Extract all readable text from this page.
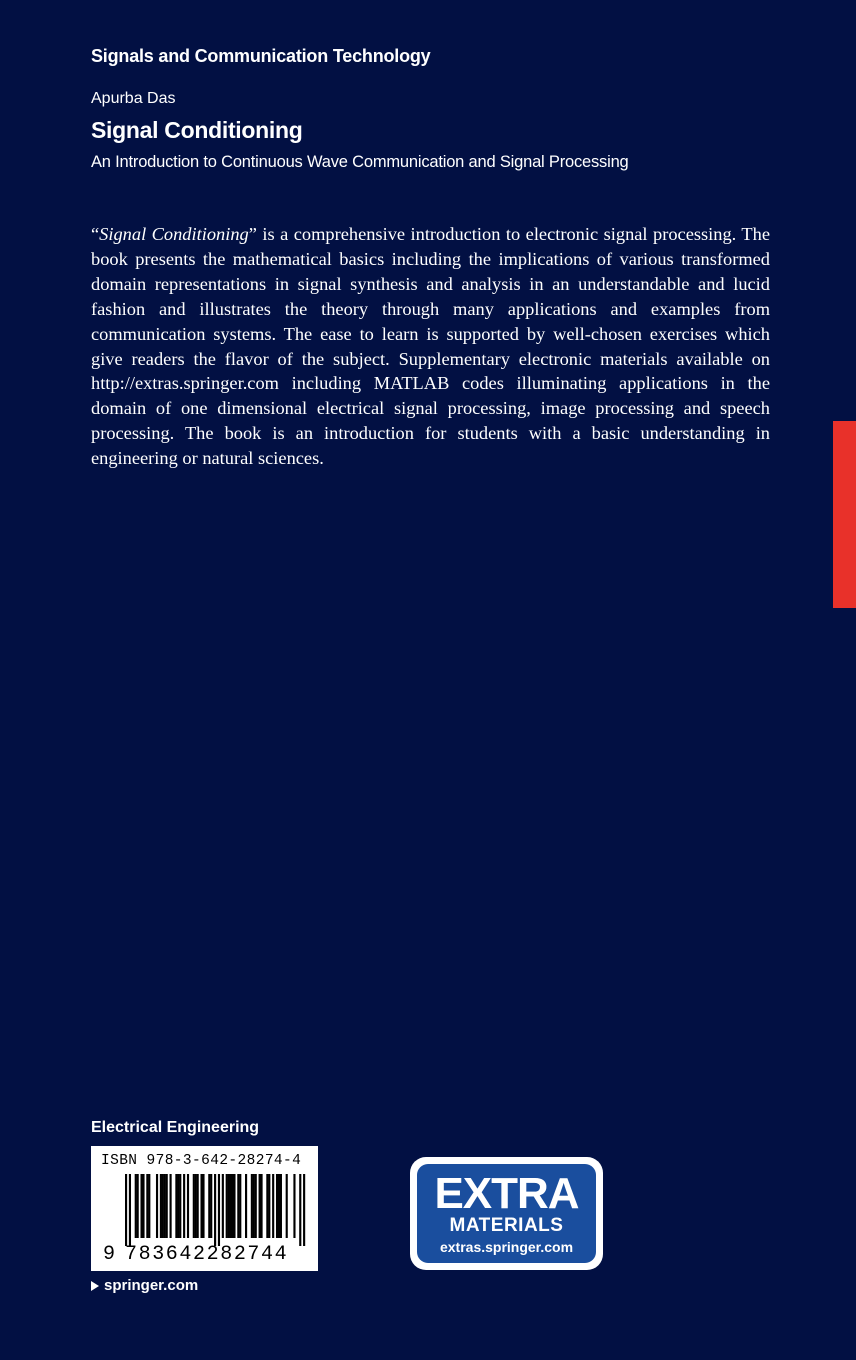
Signals and Communication Technology
Apurba Das
Signal Conditioning
An Introduction to Continuous Wave Communication and Signal Processing

“Signal Conditioning” is a comprehensive introduction to electronic signal processing. The book presents the mathematical basics including the implications of various transformed domain representations in signal synthesis and analysis in an understandable and lucid fashion and illustrates the theory through many applications and examples from communication systems. The ease to learn is supported by well-chosen exercises which give readers the flavor of the subject. Supplementary electronic materials available on http://extras.springer.com including MATLAB codes illuminating applications in the domain of one dimensional electrical signal processing, image processing and speech processing. The book is an introduction for students with a basic understanding in engineering or natural sciences.

Electrical Engineering
ISBN 978-3-642-28274-4
9 783642282744
springer.com
EXTRA
MATERIALS
extras.springer.com
